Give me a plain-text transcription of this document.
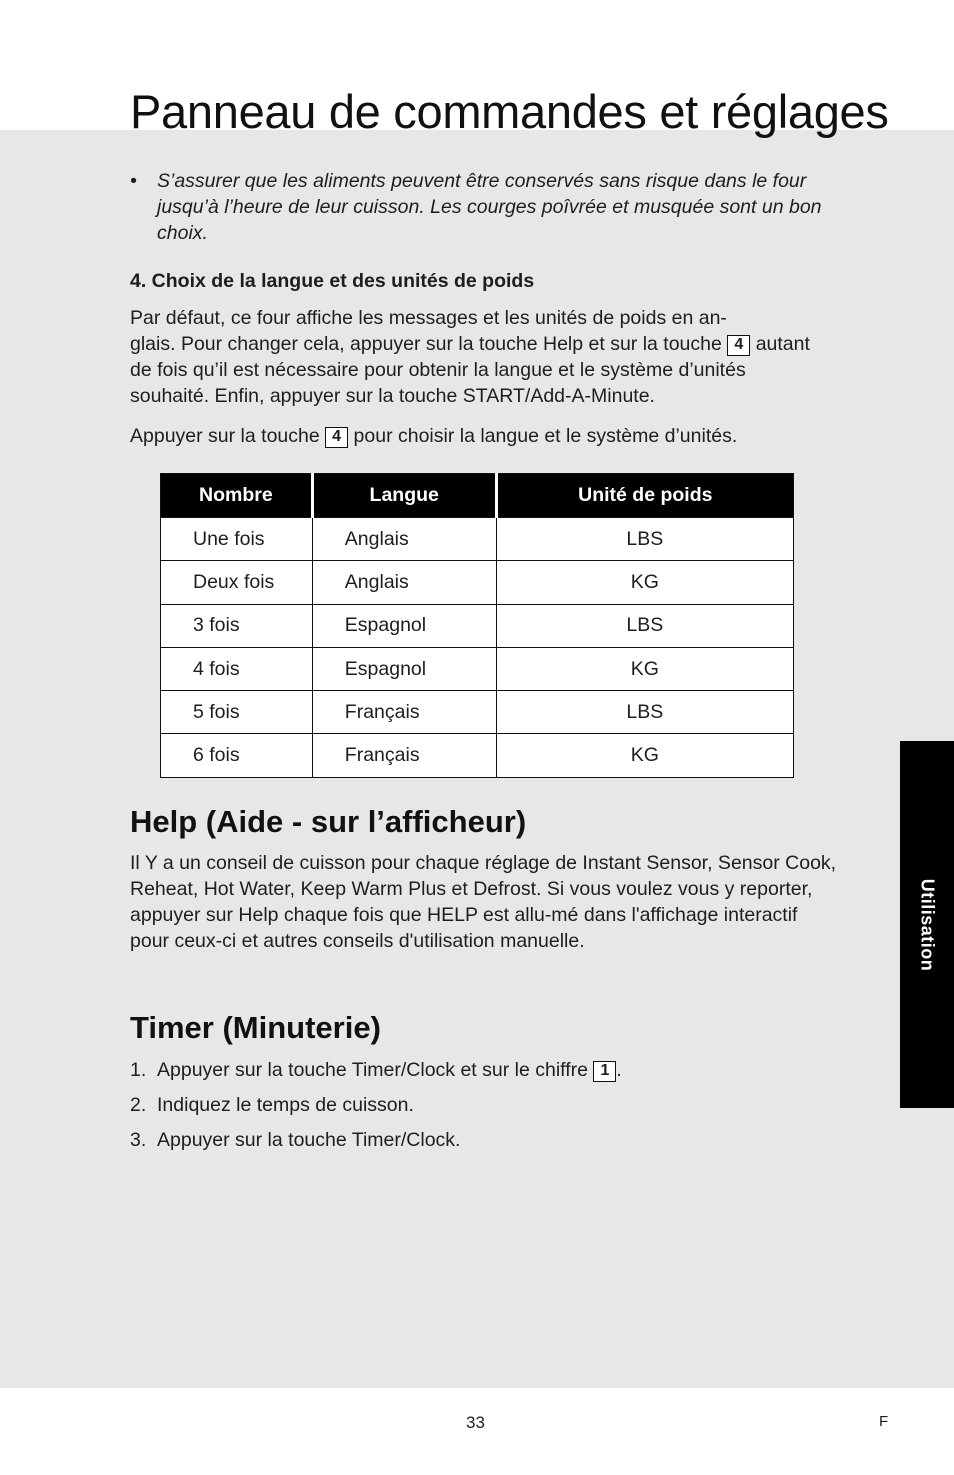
Panneau de commandes et réglages
• S’assurer que les aliments peuvent être conservés sans risque dans le four jusqu’à l’heure de leur cuisson. Les courges poîvrée et musquée sont un bon choix.
4. Choix de la langue et des unités de poids
Par défaut, ce four affiche les messages et les unités de poids en an-
glais. Pour changer cela, appuyer sur la touche Help et sur la touche 4 autant de fois qu’il est nécessaire pour obtenir la langue et le système d’unités souhaité. Enfin, appuyer sur la touche START/Add-A-Minute.
Appuyer sur la touche 4 pour choisir la langue et le système d’unités.
Nombre	Langue	Unité de poids
Une fois	Anglais	LBS
Deux fois	Anglais	KG
3 fois	Espagnol	LBS
4 fois	Espagnol	KG
5 fois	Français	LBS
6 fois	Français	KG
Help (Aide - sur l’afficheur)

Il Y a un conseil de cuisson pour chaque réglage de Instant Sensor, Sensor Cook, Reheat, Hot Water, Keep Warm Plus et Defrost. Si vous voulez vous y reporter, appuyer sur Help chaque fois que HELP est allu-mé dans l'affichage interactif pour ceux-ci et autres conseils d'utilisation manuelle.

Timer (Minuterie)
1. Appuyer sur la touche Timer/Clock et sur le chiffre 1 .
2. Indiquez le temps de cuisson.
3. Appuyer sur la touche Timer/Clock.
Utilisation
33	F
